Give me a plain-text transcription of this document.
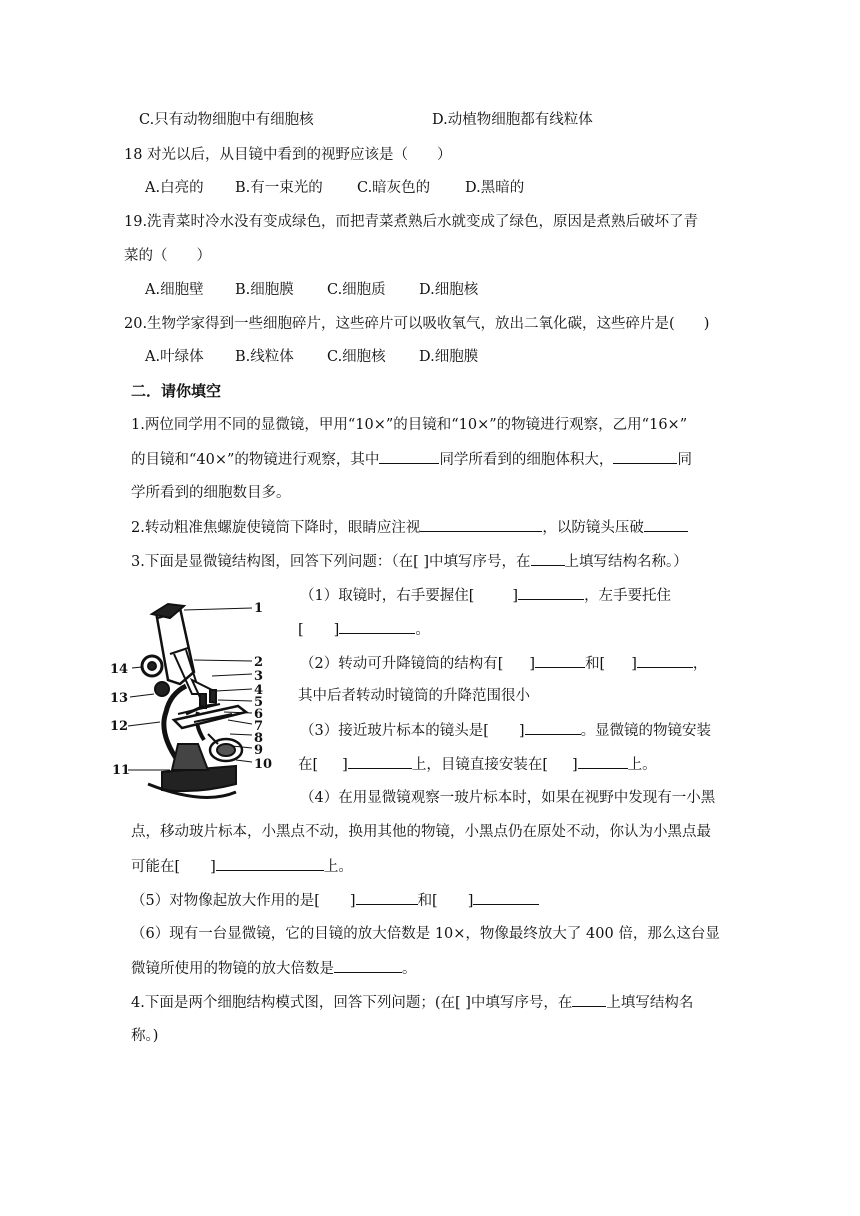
C.只有动物细胞中有细胞核	D.动植物细胞都有线粒体
18 对光以后，从目镜中看到的视野应该是（　　）
A.白亮的 B.有一束光的 C.暗灰色的 D.黑暗的
19.洗青菜时冷水没有变成绿色，而把青菜煮熟后水就变成了绿色，原因是煮熟后破坏了青
菜的（　　）
A.细胞壁 B.细胞膜 C.细胞质 D.细胞核
20.生物学家得到一些细胞碎片，这些碎片可以吸收氧气，放出二氧化碳，这些碎片是(　　)
A.叶绿体 B.线粒体 C.细胞核 D.细胞膜
二．请你填空
1.两位同学用不同的显微镜，甲用“10×”的目镜和“10×”的物镜进行观察，乙用“16×”
的目镜和“40×”的物镜进行观察，其中	同学所看到的细胞体积大，	同
学所看到的细胞数目多。
2.转动粗准焦螺旋使镜筒下降时，眼睛应注视	，以防镜头压破
3.下面是显微镜结构图，回答下列问题：（在[ ]中填写序号，在 上填写结构名称。）
1
2
3
4
5
6
7
8
9
10
11
12
13
14
（1）取镜时，右手要握住[	]	，左手要托住
[ ]	。
（2）转动可升降镜筒的结构有[ ]	和[ ]	，
其中后者转动时镜筒的升降范围很小
（3）接近玻片标本的镜头是[ ]	。显微镜的物镜安装
在[ ]	上，目镜直接安装在[ ]	上。
（4）在用显微镜观察一玻片标本时，如果在视野中发现有一小黑
点，移动玻片标本，小黑点不动，换用其他的物镜，小黑点仍在原处不动，你认为小黑点最
可能在[ ]	上。
（5）对物像起放大作用的是[ ]	和[ ]
（6）现有一台显微镜，它的目镜的放大倍数是 10×，物像最终放大了 400 倍，那么这台显
微镜所使用的物镜的放大倍数是	。
4.下面是两个细胞结构模式图，回答下列问题；(在[ ]中填写序号，在 上填写结构名
称。)
